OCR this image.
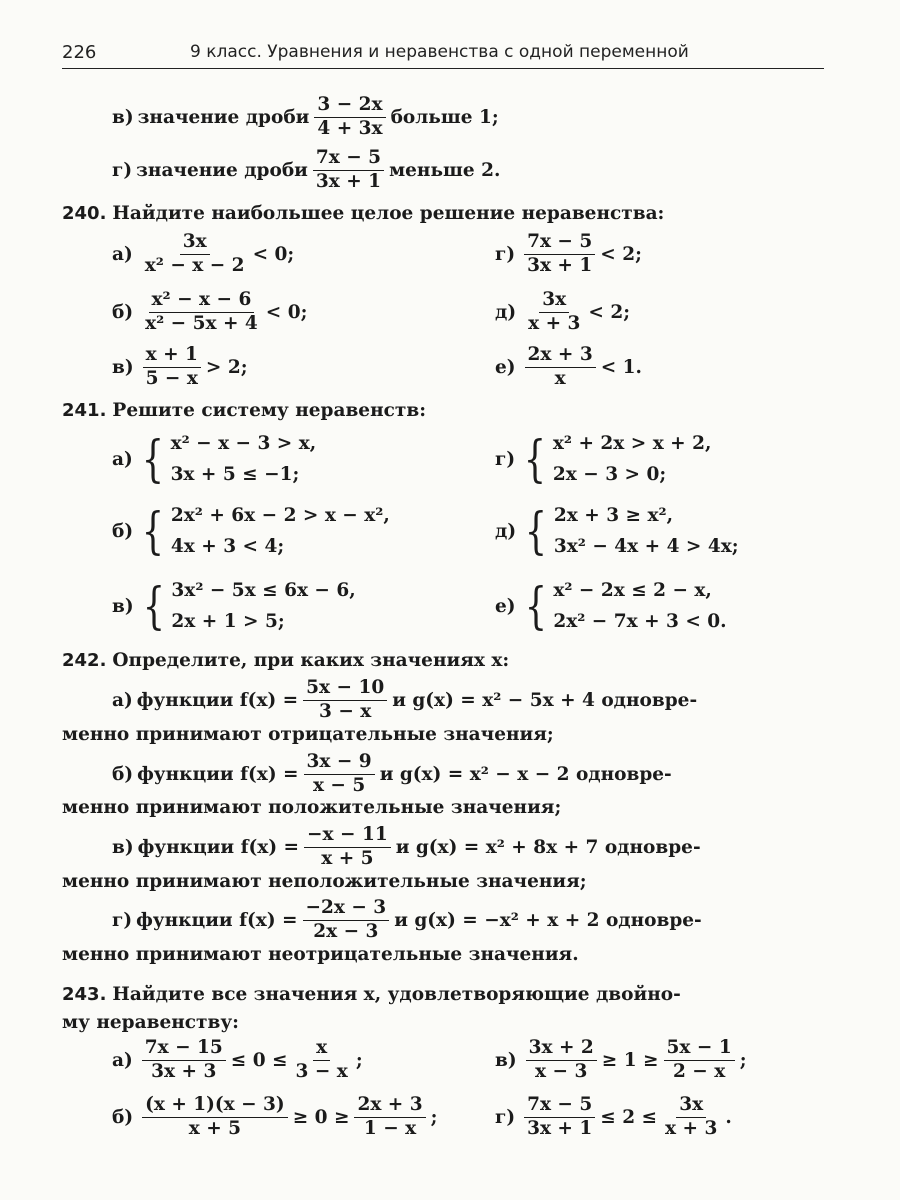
226	9 класс. Уравнения и неравенства с одной переменной
в) значение дроби $\frac{3 - 2x}{4 + 3x}$ больше 1;
г) значение дроби $\frac{7x - 5}{3x + 1}$ меньше 2.
240. Найдите наибольшее целое решение неравенства:
$а) \frac{3x}{\text{x² − x − 2}} < 0$;	$г) \frac{7x - 5}{3x + 1} < 2$;
$б) \frac{\text{x² − x − 6}}{\text{x² − 5x + 4}} < 0$;	$д) \frac{3x}{x + 3} < 2$;
$в) \frac{x + 1}{5 - x} > 2$;	$е) \frac{2x + 3}{x} < 1$.
241. Решите систему неравенств:
а) { x² − x − 3 > x,
3x + 5 ≤ −1;
г) { x² + 2x > x + 2,
2x − 3 > 0;
б) { 2x² + 6x − 2 > x − x²,
4x + 3 < 4;
д) { 2x + 3 ≥ x²,
3x² − 4x + 4 > 4x;
в) { 3x² − 5x ≤ 6x − 6,
2x + 1 > 5;
е) { x² − 2x ≤ 2 − x,
2x² − 7x + 3 < 0.
242. Определите, при каких значениях x:
а) функции $f(x) = \frac{5x - 10}{3 - x}$ и g(x) = x² − 5x + 4 одновре-
менно принимают отрицательные значения;
б) функции $f(x) = \frac{3x - 9}{x - 5}$ и g(x) = x² − x − 2 одновре-
менно принимают положительные значения;
в) функции $f(x) = \frac{-x - 11}{x + 5}$ и g(x) = x² + 8x + 7 одновре-
менно принимают неположительные значения;
г) функции $f(x) = \frac{-2x - 3}{2x - 3}$ и g(x) = −x² + x + 2 одновре-
менно принимают неотрицательные значения.
243. Найдите все значения x, удовлетворяющие двойно-
му неравенству:
$а) \frac{7x - 15}{3x + 3} \le 0 \le \frac{x}{3 - x}$ ;	$в) \frac{3x + 2}{x - 3} \ge 1 \ge \frac{5x - 1}{2 - x}$ ;
$б) \frac{(x + 1)(x - 3)}{x + 5} \ge 0 \ge \frac{2x + 3}{1 - x}$ ;	$г) \frac{7x - 5}{3x + 1} \le 2 \le \frac{3x}{x + 3}$ .
